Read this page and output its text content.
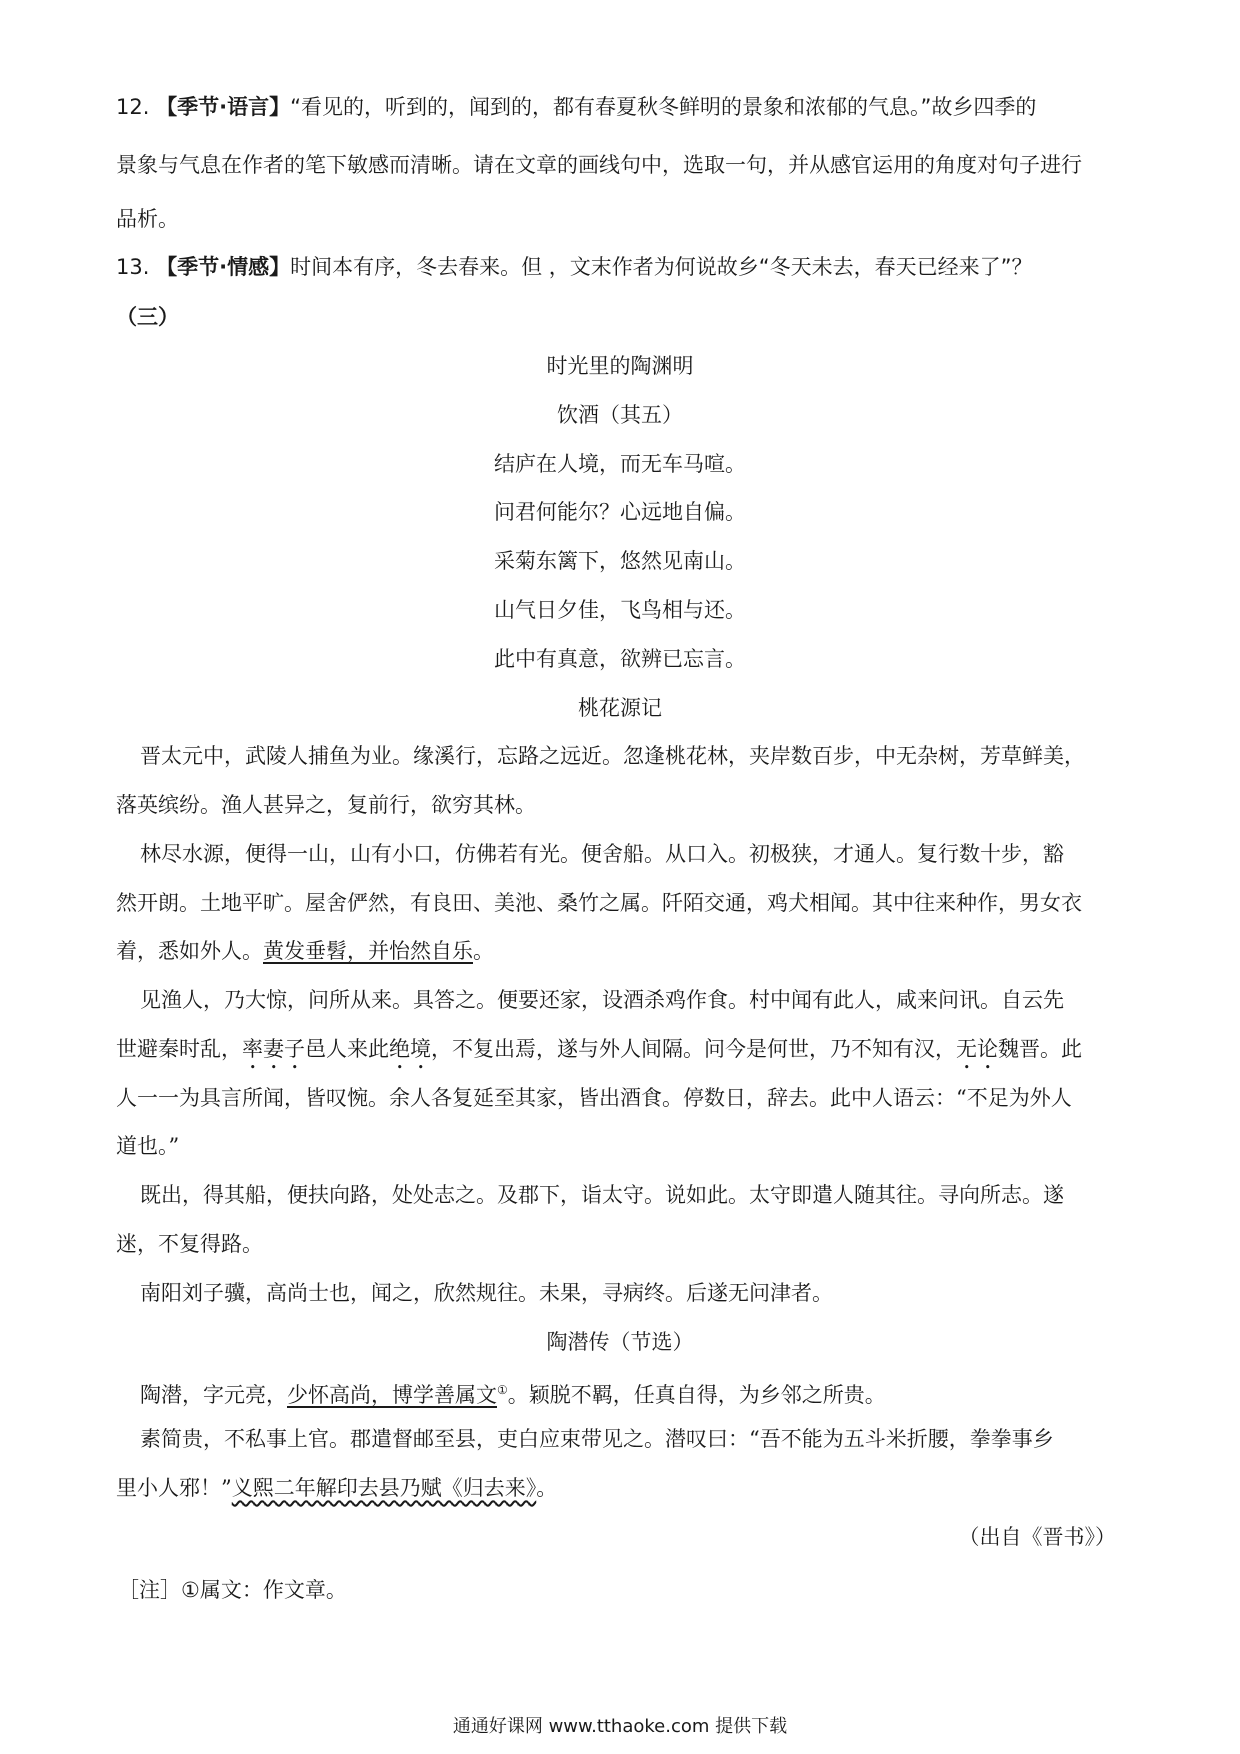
12. 【季节·语言】“看见的，听到的，闻到的，都有春夏秋冬鲜明的景象和浓郁的气息。”故乡四季的
景象与气息在作者的笔下敏感而清晰。请在文章的画线句中，选取一句，并从感官运用的角度对句子进行
品析。
13. 【季节·情感】时间本有序，冬去春来。但 ，文末作者为何说故乡“冬天未去，春天已经来了”？
（三）
时光里的陶渊明
饮酒（其五）
结庐在人境，而无车马喧。
问君何能尔？心远地自偏。
采菊东篱下，悠然见南山。
山气日夕佳，飞鸟相与还。
此中有真意，欲辨已忘言。
桃花源记
晋太元中，武陵人捕鱼为业。缘溪行，忘路之远近。忽逢桃花林，夹岸数百步，中无杂树，芳草鲜美，
落英缤纷。渔人甚异之，复前行，欲穷其林。
林尽水源，便得一山，山有小口，仿佛若有光。便舍船。从口入。初极狭，才通人。复行数十步，豁
然开朗。土地平旷。屋舍俨然，有良田、美池、桑竹之属。阡陌交通，鸡犬相闻。其中往来种作，男女衣
着，悉如外人。黄发垂髫，并怡然自乐。
见渔人，乃大惊，问所从来。具答之。便要还家，设酒杀鸡作食。村中闻有此人，咸来问讯。自云先
世避秦时乱，率妻子邑人来此绝境，不复出焉，遂与外人间隔。问今是何世，乃不知有汉，无论魏晋。此
人一一为具言所闻，皆叹惋。余人各复延至其家，皆出酒食。停数日，辞去。此中人语云：“不足为外人
道也。”
既出，得其船，便扶向路，处处志之。及郡下，诣太守。说如此。太守即遣人随其往。寻向所志。遂
迷，不复得路。
南阳刘子骥，高尚士也，闻之，欣然规往。未果，寻病终。后遂无问津者。
陶潜传（节选）
陶潜，字元亮，少怀高尚，博学善属文①。颖脱不羁，任真自得，为乡邻之所贵。
素简贵，不私事上官。郡遣督邮至县，吏白应束带见之。潜叹曰：“吾不能为五斗米折腰，拳拳事乡
里小人邪！”义熙二年解印去县乃赋《归去来》。
（出自《晋书》）
［注］①属文：作文章。
通通好课网 www.tthaoke.com 提供下载
